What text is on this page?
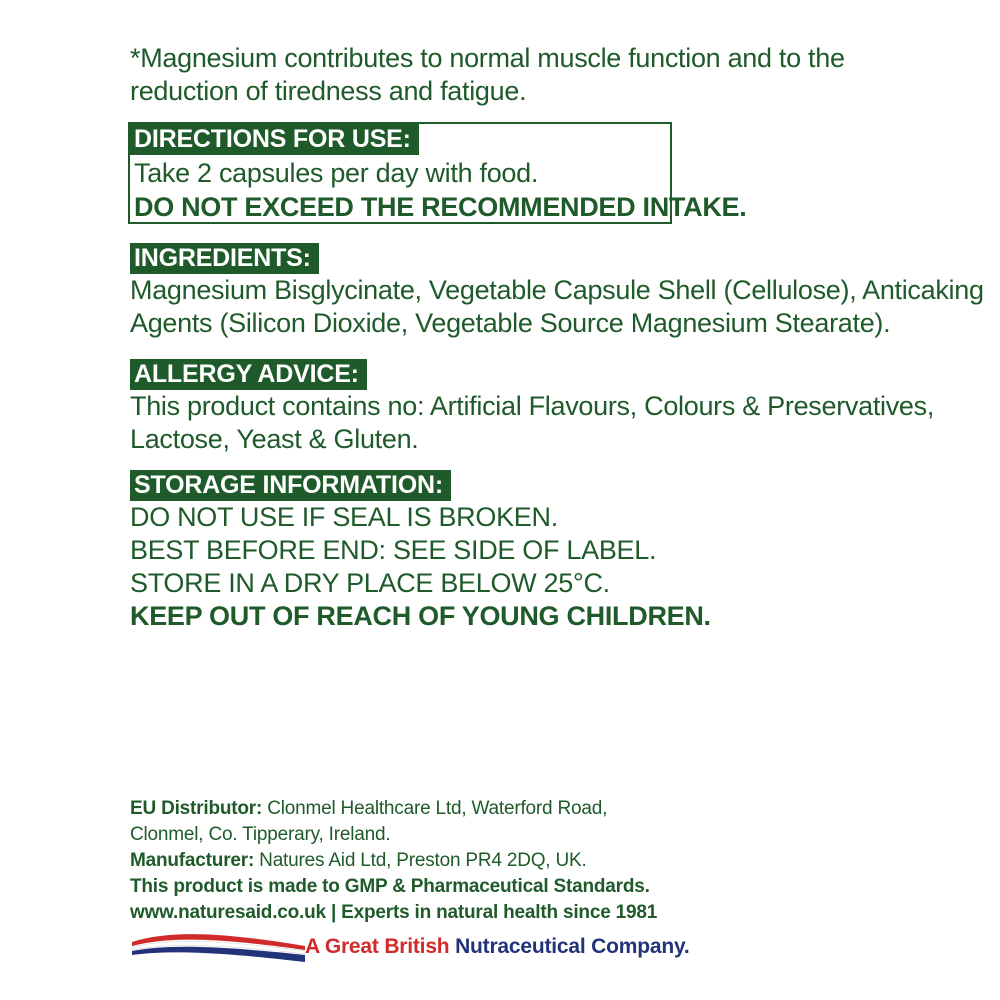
*Magnesium contributes to normal muscle function and to the
reduction of tiredness and fatigue.
DIRECTIONS FOR USE:
Take 2 capsules per day with food.
DO NOT EXCEED THE RECOMMENDED INTAKE.
INGREDIENTS:
Magnesium Bisglycinate, Vegetable Capsule Shell (Cellulose), Anticaking
Agents (Silicon Dioxide, Vegetable Source Magnesium Stearate).
ALLERGY ADVICE:
This product contains no: Artificial Flavours, Colours & Preservatives,
Lactose, Yeast & Gluten.
STORAGE INFORMATION:
DO NOT USE IF SEAL IS BROKEN.
BEST BEFORE END: SEE SIDE OF LABEL.
STORE IN A DRY PLACE BELOW 25°C.
KEEP OUT OF REACH OF YOUNG CHILDREN.
EU Distributor: Clonmel Healthcare Ltd, Waterford Road,
Clonmel, Co. Tipperary, Ireland.
Manufacturer: Natures Aid Ltd, Preston PR4 2DQ, UK.
This product is made to GMP & Pharmaceutical Standards.
www.naturesaid.co.uk | Experts in natural health since 1981
A Great British Nutraceutical Company.
